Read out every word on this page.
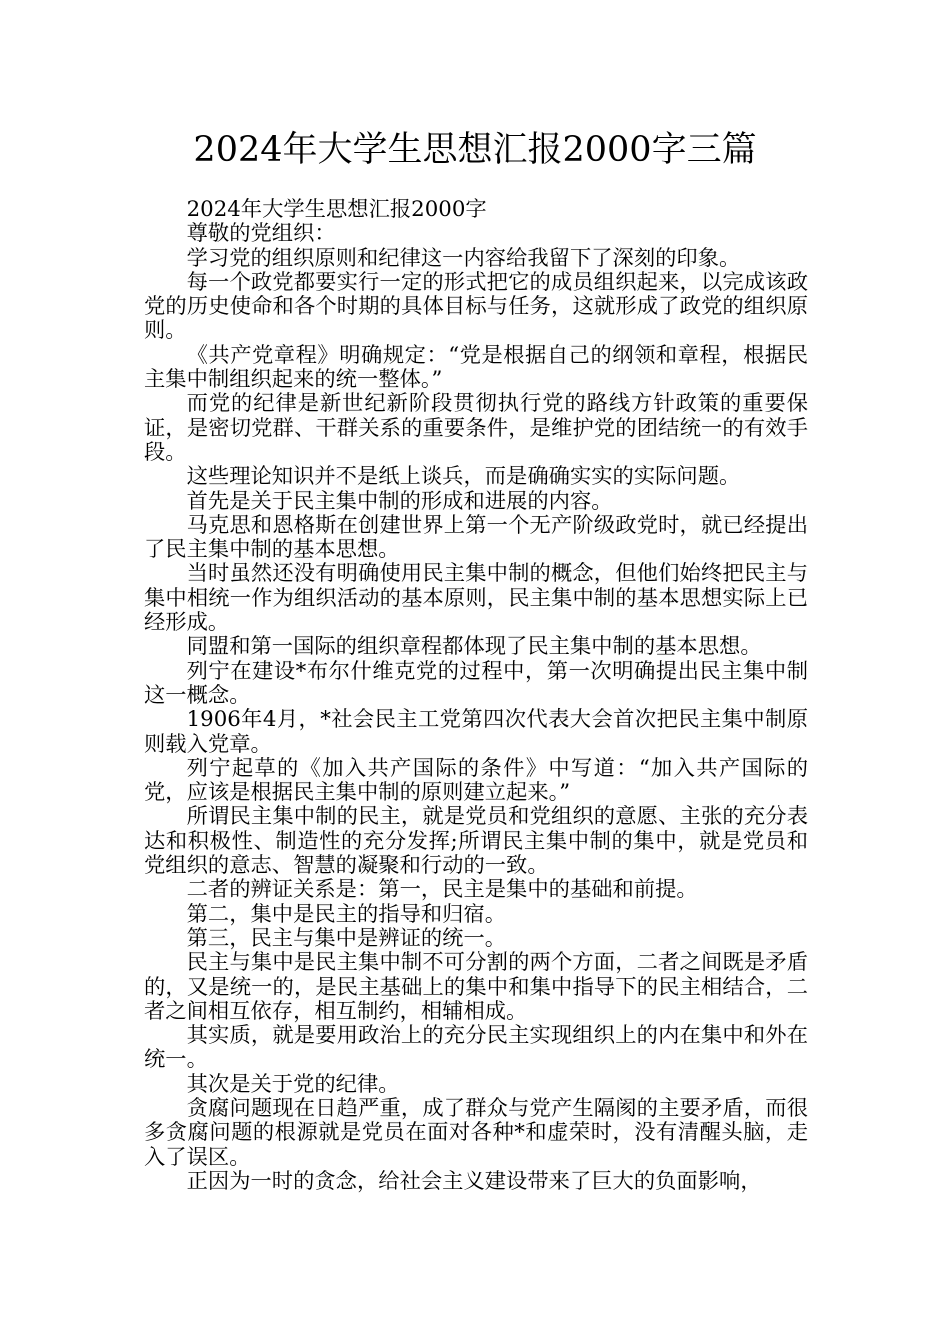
2024年大学生思想汇报2000字三篇

2024年大学生思想汇报2000字

尊敬的党组织：

学习党的组织原则和纪律这一内容给我留下了深刻的印象。

每一个政党都要实行一定的形式把它的成员组织起来，以完成该政党的历史使命和各个时期的具体目标与任务，这就形成了政党的组织原则。

《共产党章程》明确规定：“党是根据自己的纲领和章程，根据民主集中制组织起来的统一整体。”

而党的纪律是新世纪新阶段贯彻执行党的路线方针政策的重要保证，是密切党群、干群关系的重要条件，是维护党的团结统一的有效手段。

这些理论知识并不是纸上谈兵，而是确确实实的实际问题。

首先是关于民主集中制的形成和进展的内容。

马克思和恩格斯在创建世界上第一个无产阶级政党时，就已经提出了民主集中制的基本思想。

当时虽然还没有明确使用民主集中制的概念，但他们始终把民主与集中相统一作为组织活动的基本原则，民主集中制的基本思想实际上已经形成。

同盟和第一国际的组织章程都体现了民主集中制的基本思想。

列宁在建设*布尔什维克党的过程中，第一次明确提出民主集中制这一概念。

1906年4月，*社会民主工党第四次代表大会首次把民主集中制原则载入党章。

列宁起草的《加入共产国际的条件》中写道：“加入共产国际的党，应该是根据民主集中制的原则建立起来。”

所谓民主集中制的民主，就是党员和党组织的意愿、主张的充分表达和积极性、制造性的充分发挥;所谓民主集中制的集中，就是党员和党组织的意志、智慧的凝聚和行动的一致。

二者的辨证关系是：第一，民主是集中的基础和前提。

第二，集中是民主的指导和归宿。

第三，民主与集中是辨证的统一。

民主与集中是民主集中制不可分割的两个方面，二者之间既是矛盾的，又是统一的，是民主基础上的集中和集中指导下的民主相结合，二者之间相互依存，相互制约，相辅相成。

其实质，就是要用政治上的充分民主实现组织上的内在集中和外在统一。

其次是关于党的纪律。

贪腐问题现在日趋严重，成了群众与党产生隔阂的主要矛盾，而很多贪腐问题的根源就是党员在面对各种*和虚荣时，没有清醒头脑，走入了误区。

正因为一时的贪念，给社会主义建设带来了巨大的负面影响，
